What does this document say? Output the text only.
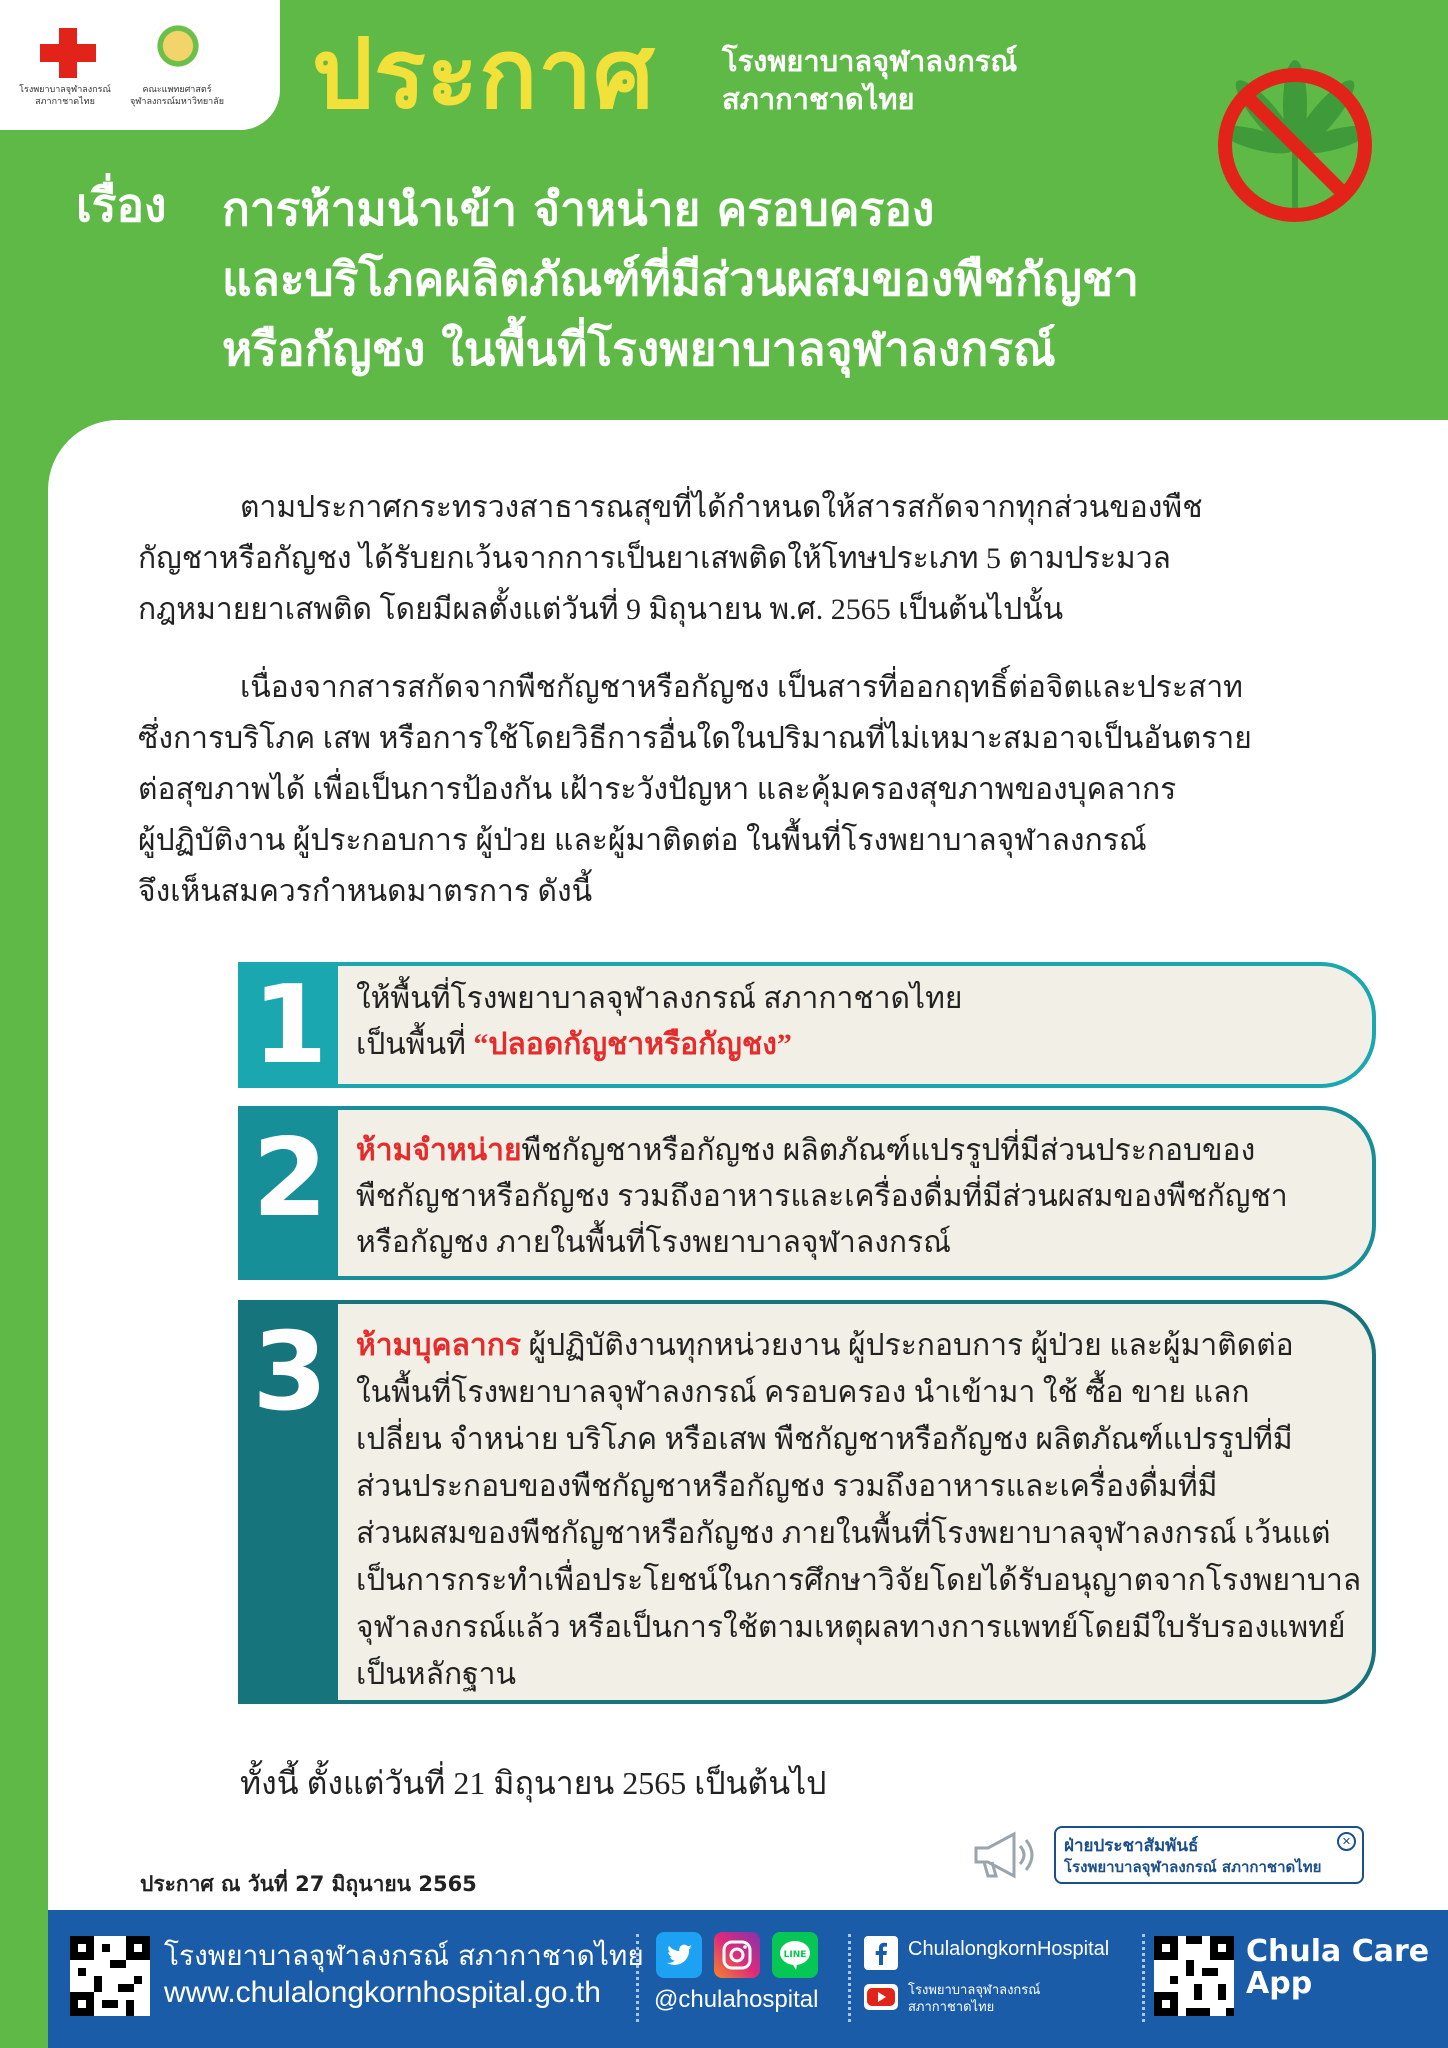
โรงพยาบาลจุฬาลงกรณ์ สภากาชาดไทย
คณะแพทยศาสตร์ จุฬาลงกรณ์มหาวิทยาลัย ประกาศ โรงพยาบาลจุฬาลงกรณ์
สภากาชาดไทย
เรื่อง การห้ามนำเข้า จำหน่าย ครอบครอง
และบริโภคผลิตภัณฑ์ที่มีส่วนผสมของพืชกัญชา
หรือกัญชง ในพื้นที่โรงพยาบาลจุฬาลงกรณ์
ตามประกาศกระทรวงสาธารณสุขที่ได้กำหนดให้สารสกัดจากทุกส่วนของพืช
กัญชาหรือกัญชง ได้รับยกเว้นจากการเป็นยาเสพติดให้โทษประเภท 5 ตามประมวล
กฎหมายยาเสพติด โดยมีผลตั้งแต่วันที่ 9 มิถุนายน พ.ศ. 2565 เป็นต้นไปนั้น
เนื่องจากสารสกัดจากพืชกัญชาหรือกัญชง เป็นสารที่ออกฤทธิ์ต่อจิตและประสาท
ซึ่งการบริโภค เสพ หรือการใช้โดยวิธีการอื่นใดในปริมาณที่ไม่เหมาะสมอาจเป็นอันตราย
ต่อสุขภาพได้ เพื่อเป็นการป้องกัน เฝ้าระวังปัญหา และคุ้มครองสุขภาพของบุคลากร
ผู้ปฏิบัติงาน ผู้ประกอบการ ผู้ป่วย และผู้มาติดต่อ ในพื้นที่โรงพยาบาลจุฬาลงกรณ์
จึงเห็นสมควรกำหนดมาตรการ ดังนี้
1 ให้พื้นที่โรงพยาบาลจุฬาลงกรณ์ สภากาชาดไทย
เป็นพื้นที่ “ปลอดกัญชาหรือกัญชง”
2 ห้ามจำหน่ายพืชกัญชาหรือกัญชง ผลิตภัณฑ์แปรรูปที่มีส่วนประกอบของ
พืชกัญชาหรือกัญชง รวมถึงอาหารและเครื่องดื่มที่มีส่วนผสมของพืชกัญชา
หรือกัญชง ภายในพื้นที่โรงพยาบาลจุฬาลงกรณ์
3 ห้ามบุคลากร ผู้ปฏิบัติงานทุกหน่วยงาน ผู้ประกอบการ ผู้ป่วย และผู้มาติดต่อ
ในพื้นที่โรงพยาบาลจุฬาลงกรณ์ ครอบครอง นำเข้ามา ใช้ ซื้อ ขาย แลก
เปลี่ยน จำหน่าย บริโภค หรือเสพ พืชกัญชาหรือกัญชง ผลิตภัณฑ์แปรรูปที่มี
ส่วนประกอบของพืชกัญชาหรือกัญชง รวมถึงอาหารและเครื่องดื่มที่มี
ส่วนผสมของพืชกัญชาหรือกัญชง ภายในพื้นที่โรงพยาบาลจุฬาลงกรณ์ เว้นแต่
เป็นการกระทำเพื่อประโยชน์ในการศึกษาวิจัยโดยได้รับอนุญาตจากโรงพยาบาล
จุฬาลงกรณ์แล้ว หรือเป็นการใช้ตามเหตุผลทางการแพทย์โดยมีใบรับรองแพทย์
เป็นหลักฐาน
ทั้งนี้ ตั้งแต่วันที่ 21 มิถุนายน 2565 เป็นต้นไป
ประกาศ ณ วันที่ 27 มิถุนายน 2565
ฝ่ายประชาสัมพันธ์
โรงพยาบาลจุฬาลงกรณ์ สภากาชาดไทย
✕
โรงพยาบาลจุฬาลงกรณ์ สภากาชาดไทย
www.chulalongkornhospital.go.th
LINE
@chulahospital
ChulalongkornHospital
โรงพยาบาลจุฬาลงกรณ์ สภากาชาดไทย
Chula Care App
